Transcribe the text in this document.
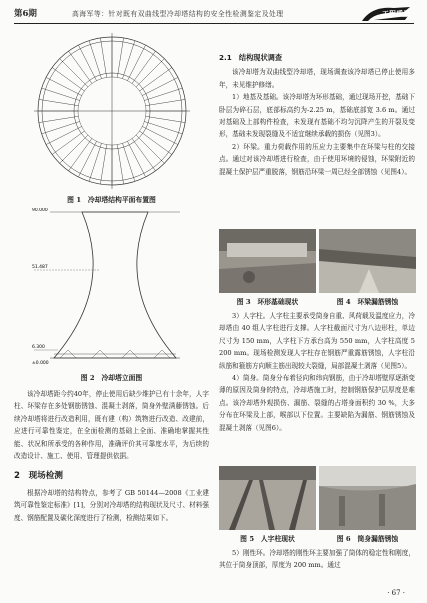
第6期	高海军等：针对既有双曲线型冷却塔结构的安全性检测鉴定及处理	工程质量
图 1　冷却塔结构平面布置图
90.000
51.487
6.300
±0.000
图 2　冷却塔立面图

该冷却塔距今约40年，停止使用后缺少维护已有十余年，人字柱、环梁存在多处钢筋锈蚀、混凝土剥落，筒身外壁满藤锈蚀。后续冷却塔将进行改造利用，既有建（构）筑物进行改造、改建前，应进行可靠性鉴定，在全面检测的基础上全面、准确地掌握其性能、状况和所承受的各种作用，准确评价其可靠度水平，为后续的改造设计、施工、使用、管理提供依据。

2　现场检测

根据冷却塔的结构特点，参考了 GB 50144—2008《工业建筑可靠性鉴定标准》[1]，分别对冷却塔的结构现状及尺寸、材料强度、钢筋配置及碳化深度进行了检测，检测结果如下。

2.1　结构现状调查

该冷却塔为双曲线型冷却塔，现场调查该冷却塔已停止使用多年，未见维护修缮。

1）地基及基础。该冷却塔为环形基础，通过现场开挖，基础下卧层为碎石层，底部标高约为-2.25 m，基础底部宽 3.6 m。通过对基础及上部构件检查，未发现有基础不均匀沉降产生的开裂及变形，基础未发现裂缝及不适宜继续承载的损伤（见图3）。

2）环梁。重力荷载作用的压应力主要集中在环梁与柱的交接点。通过对该冷却塔进行检查，由于使用环境的侵蚀，环梁附近的混凝土保护层严重脱落，钢筋沿环梁一周已经全部锈蚀（见图4）。

图 3　环形基础现状	图 4　环梁漏筋锈蚀

3）人字柱。人字柱主要承受筒身自重、风荷载及温度应力，冷却塔由 40 组人字柱进行支撑。人字柱截面尺寸为八边形柱，单边尺寸为 150 mm，人字柱下方承台高为 550 mm，人字柱高度 5 200 mm。现场检测发现人字柱存在钢筋严重露筋锈蚀，人字柱沿纵筋和箍筋方向顺主筋出现较大裂缝，局部混凝土剥落（见图5）。

4）筒身。筒身分布着径向和纬向钢筋，由于冷却塔壁厚逐渐变薄的原因及筒身的特点，冷却塔施工时，控制钢筋保护层厚度是难点。该冷却塔外观损伤、漏筋、裂缝的占塔身面积约 30 %，大多分布在环梁及上部，喉部以下位置。主要缺陷为漏筋、钢筋锈蚀及混凝土剥落（见图6）。

图 5　人字柱现状	图 6　筒身漏筋锈蚀

5）刚性环。冷却塔的刚性环主要加强了筒体的稳定性和刚度，其位于筒身顶部，厚度为 200 mm。通过

· 67 ·
